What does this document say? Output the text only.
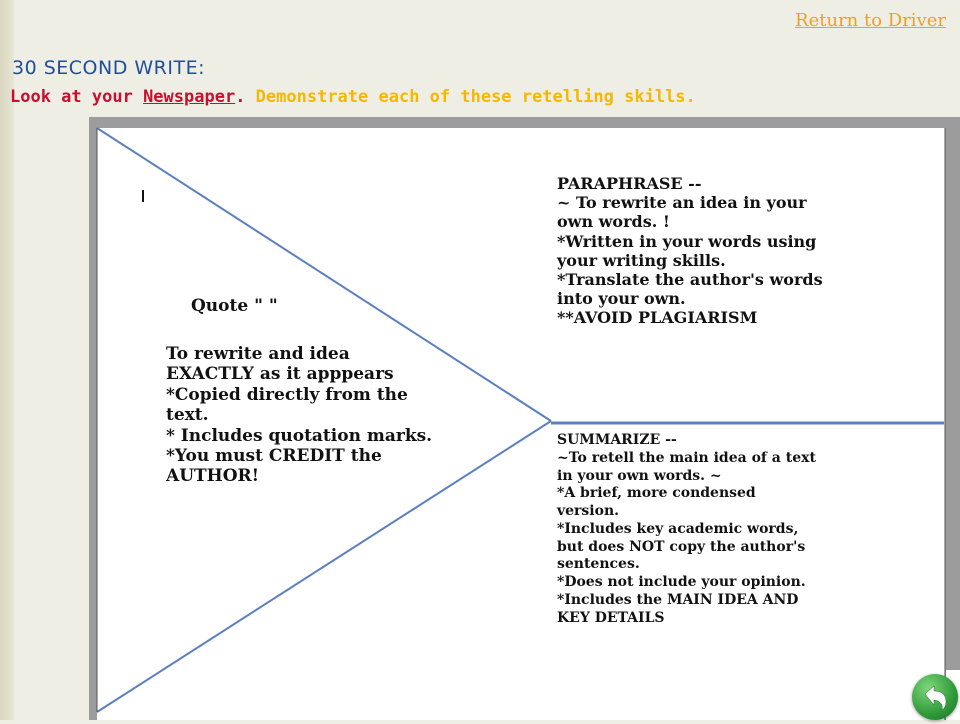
Return to Driver
30 SECOND WRITE:
Look at your Newspaper. Demonstrate each of these retelling skills.
Quote " "
To rewrite and idea
EXACTLY as it apppears
*Copied directly from the
text.
* Includes quotation marks.
*You must CREDIT the
AUTHOR!
PARAPHRASE --
~ To rewrite an idea in your
own words. !
*Written in your words using
your writing skills.
*Translate the author's words
into your own.
**AVOID PLAGIARISM
SUMMARIZE --
~To retell the main idea of a text
in your own words. ~
*A brief, more condensed
version.
*Includes key academic words,
but does NOT copy the author's
sentences.
*Does not include your opinion.
*Includes the MAIN IDEA AND
KEY DETAILS
